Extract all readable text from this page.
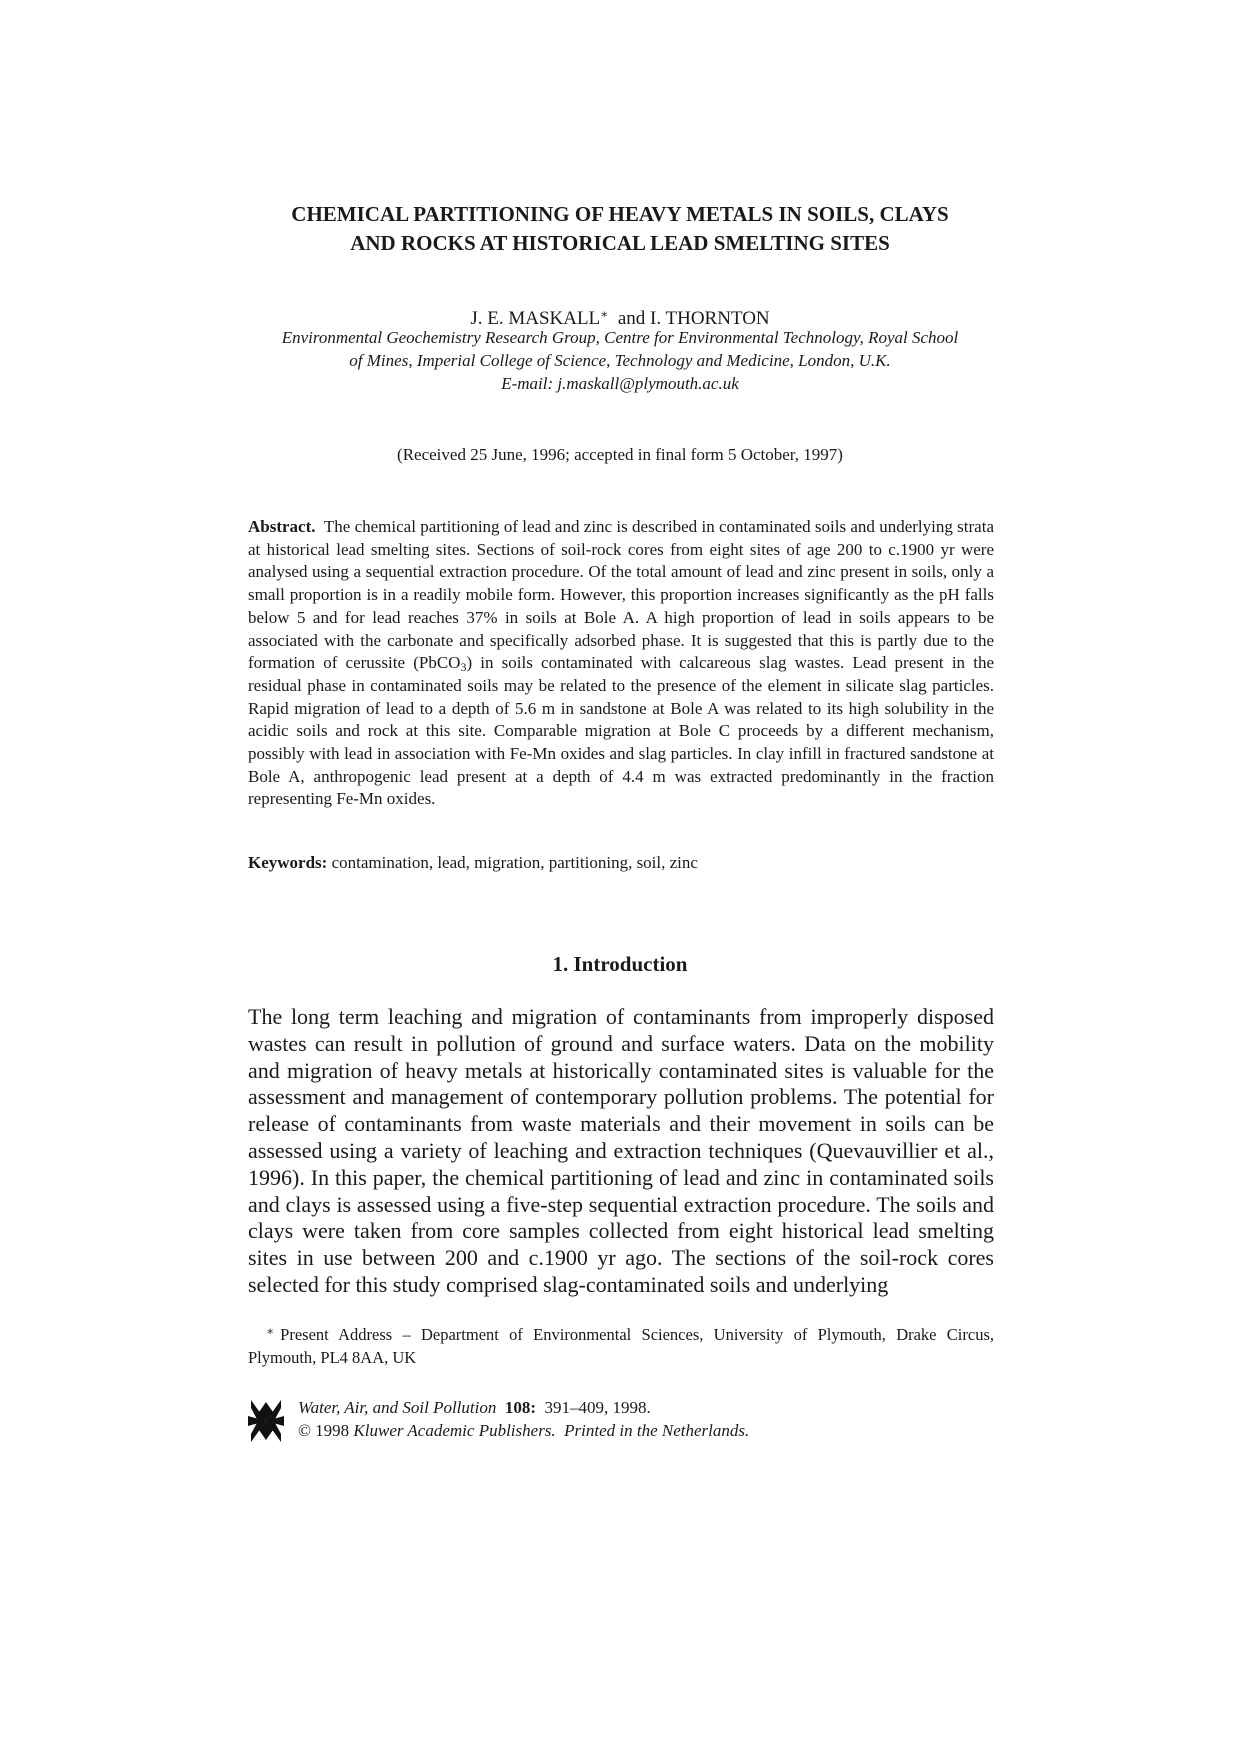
CHEMICAL PARTITIONING OF HEAVY METALS IN SOILS, CLAYS
AND ROCKS AT HISTORICAL LEAD SMELTING SITES
J. E. MASKALL∗ and I. THORNTON
Environmental Geochemistry Research Group, Centre for Environmental Technology, Royal School
of Mines, Imperial College of Science, Technology and Medicine, London, U.K.
E-mail: j.maskall@plymouth.ac.uk
(Received 25 June, 1996; accepted in final form 5 October, 1997)

Abstract. The chemical partitioning of lead and zinc is described in contaminated soils and underlying strata at historical lead smelting sites. Sections of soil-rock cores from eight sites of age 200 to c.1900 yr were analysed using a sequential extraction procedure. Of the total amount of lead and zinc present in soils, only a small proportion is in a readily mobile form. However, this proportion increases significantly as the pH falls below 5 and for lead reaches 37% in soils at Bole A. A high proportion of lead in soils appears to be associated with the carbonate and specifically adsorbed phase. It is suggested that this is partly due to the formation of cerussite (PbCO$_3$) in soils contaminated with calcareous slag wastes. Lead present in the residual phase in contaminated soils may be related to the presence of the element in silicate slag particles. Rapid migration of lead to a depth of 5.6 m in sandstone at Bole A was related to its high solubility in the acidic soils and rock at this site. Comparable migration at Bole C proceeds by a different mechanism, possibly with lead in association with Fe-Mn oxides and slag particles. In clay infill in fractured sandstone at Bole A, anthropogenic lead present at a depth of 4.4 m was extracted predominantly in the fraction representing Fe-Mn oxides.

Keywords: contamination, lead, migration, partitioning, soil, zinc
1. Introduction

The long term leaching and migration of contaminants from improperly disposed wastes can result in pollution of ground and surface waters. Data on the mobility and migration of heavy metals at historically contaminated sites is valuable for the assessment and management of contemporary pollution problems. The potential for release of contaminants from waste materials and their movement in soils can be assessed using a variety of leaching and extraction techniques (Quevauvillier et al., 1996). In this paper, the chemical partitioning of lead and zinc in contaminated soils and clays is assessed using a five-step sequential extraction procedure. The soils and clays were taken from core samples collected from eight historical lead smelting sites in use between 200 and c.1900 yr ago. The sections of the soil-rock cores selected for this study comprised slag-contaminated soils and underlying

∗ Present Address – Department of Environmental Sciences, University of Plymouth, Drake Circus, Plymouth, PL4 8AA, UK

Water, Air, and Soil Pollution 108: 391–409, 1998.
© 1998 Kluwer Academic Publishers. Printed in the Netherlands.
